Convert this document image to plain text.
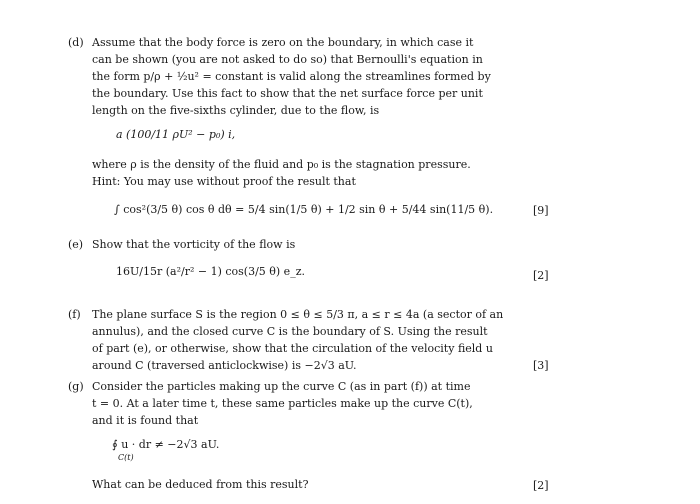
(d) Assume that the body force is zero on the boundary, in which case it
can be shown (you are not asked to do so) that Bernoulli's equation in
the form p/ρ + ½u² = constant is valid along the streamlines formed by
the boundary. Use this fact to show that the net surface force per unit
length on the five-sixths cylinder, due to the flow, is
a (100/11 ρU² − p₀) i,
where ρ is the density of the fluid and p₀ is the stagnation pressure.
Hint: You may use without proof the result that
∫ cos²(3/5 θ) cos θ dθ = 5/4 sin(1/5 θ) + 1/2 sin θ + 5/44 sin(11/5 θ).	[9]
(e) Show that the vorticity of the flow is
16U/15r (a²/r² − 1) cos(3/5 θ) e_z.	[2]
(f)	The plane surface S is the region 0 ≤ θ ≤ 5/3 π, a ≤ r ≤ 4a (a sector of an
annulus), and the closed curve C is the boundary of S. Using the result
of part (e), or otherwise, show that the circulation of the velocity field u
around C (traversed anticlockwise) is −2√3 aU.	[3]
(g) Consider the particles making up the curve C (as in part (f)) at time
t = 0. At a later time t, these same particles make up the curve C(t),
and it is found that
∮ u · dr ≠ −2√3 aU.
C(t)
What can be deduced from this result?	[2]
